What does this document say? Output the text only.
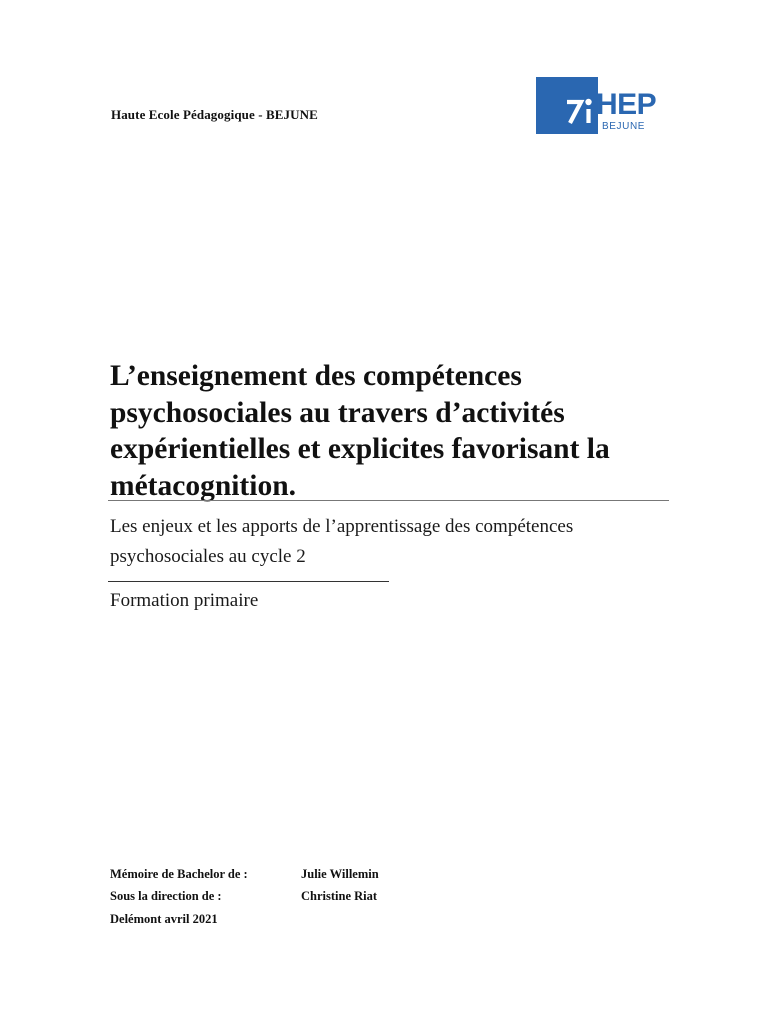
Haute Ecole Pédagogique - BEJUNE	HEP
BEJUNE
L’enseignement des compétences psychosociales au travers d’activités expérientielles et explicites favorisant la métacognition.

Les enjeux et les apports de l’apprentissage des compétences psychosociales au cycle 2

Formation primaire
Mémoire de Bachelor de :	Julie Willemin
Sous la direction de :	Christine Riat
Delémont avril 2021
